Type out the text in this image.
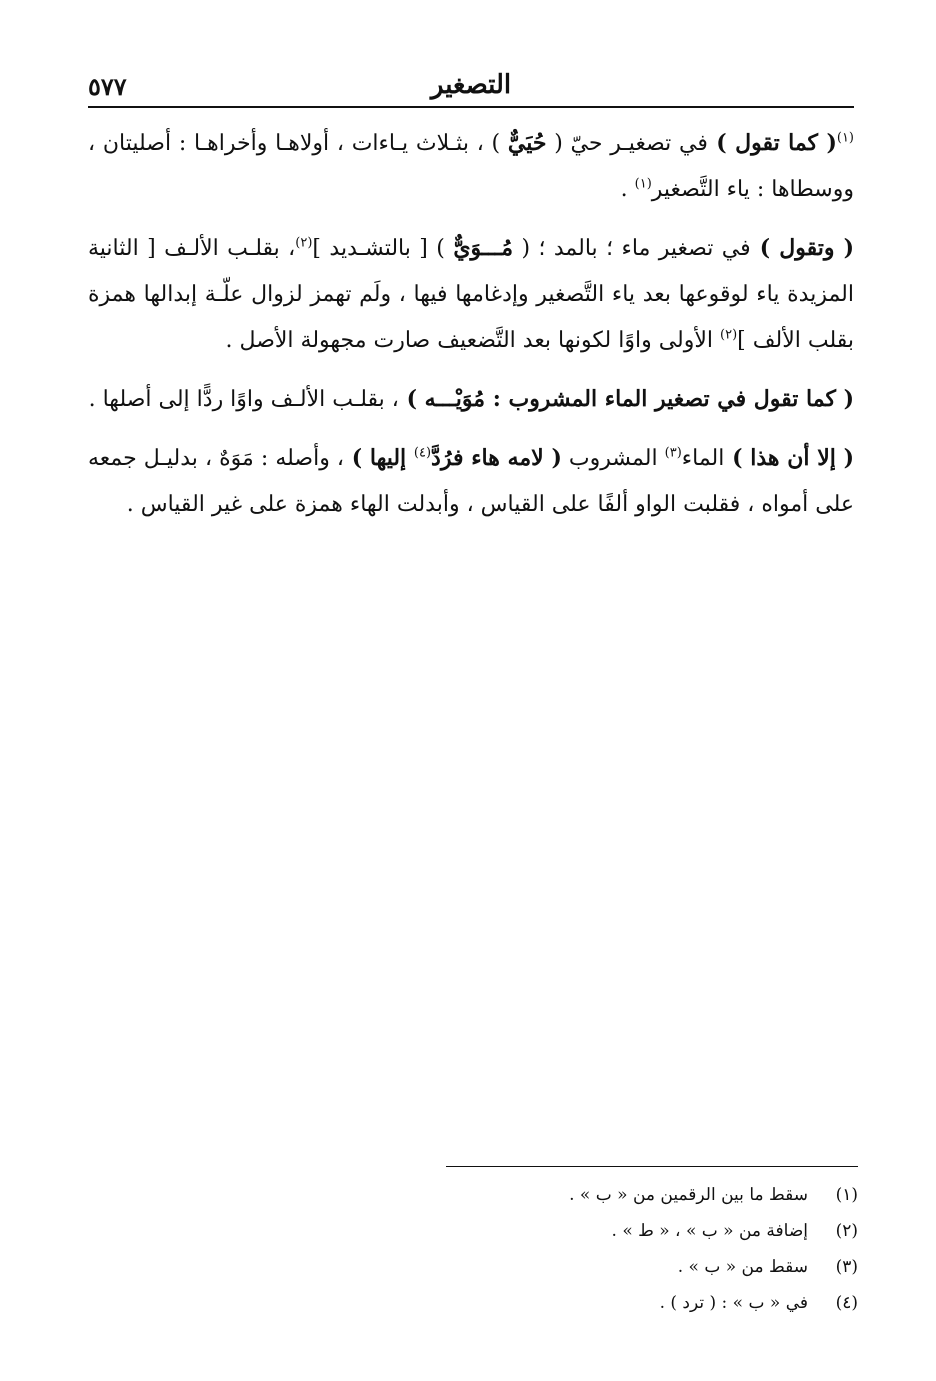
التصغير
٥٧٧

$^{(١)}$( كما تقول ) في تصغيـر حيّ ( حُيَيٌّ ) ، بثـلاث يـاءات ، أولاهـا وأخراهـا : أصليتان ، ووسطاها : ياء التَّصغير$^{(١)}$ .

( وتقول ) في تصغير ماء ؛ بالمد ؛ ( مُـــوَيٌّ ) [ بالتشـديد ]$^{(٢)}$، بقلـب الألـف [ الثانية المزيدة ياء لوقوعها بعد ياء التَّصغير وإدغامها فيها ، ولَم تهمز لزوال علّـة إبدالها همزة بقلب الألف ]$^{(٢)}$ الأولى واوًا لكونها بعد التَّضعيف صارت مجهولة الأصل .

( كما تقول في تصغير الماء المشروب : مُوَيْـــه ) ، بقلـب الألـف واوًا ردًّا إلى أصلها .

( إلا أن هذا ) الماء$^{(٣)}$ المشروب ( لامه هاء فرُدَّ$^{(٤)}$ إليها ) ، وأصله : مَوَهٌ ، بدليـل جمعه على أمواه ، فقلبت الواو ألفًا على القياس ، وأبدلت الهاء همزة على غير القياس .

(١)سقط ما بين الرقمين من « ب » .
(٢)إضافة من « ب » ، « ط » .
(٣)سقط من « ب » .
(٤)في « ب » : ( ترد ) .
